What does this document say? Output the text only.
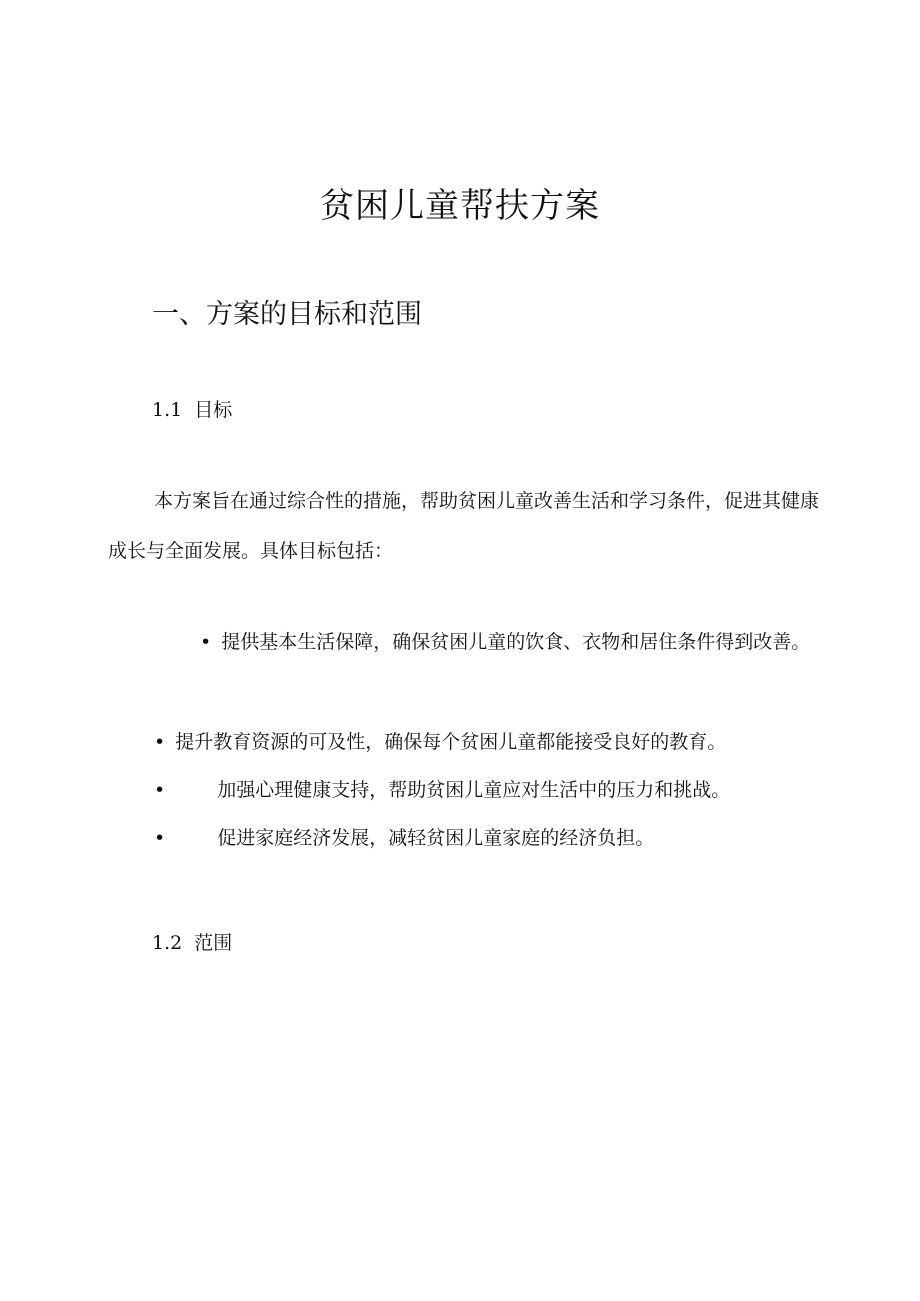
贫困儿童帮扶方案
一、方案的目标和范围
1.1 目标
本方案旨在通过综合性的措施，帮助贫困儿童改善生活和学习条件，促进其健康成长与全面发展。具体目标包括：
• 提供基本生活保障，确保贫困儿童的饮食、衣物和居住条件得到改善。
• 提升教育资源的可及性，确保每个贫困儿童都能接受良好的教育。
•	加强心理健康支持，帮助贫困儿童应对生活中的压力和挑战。
•	促进家庭经济发展，减轻贫困儿童家庭的经济负担。
1.2 范围
